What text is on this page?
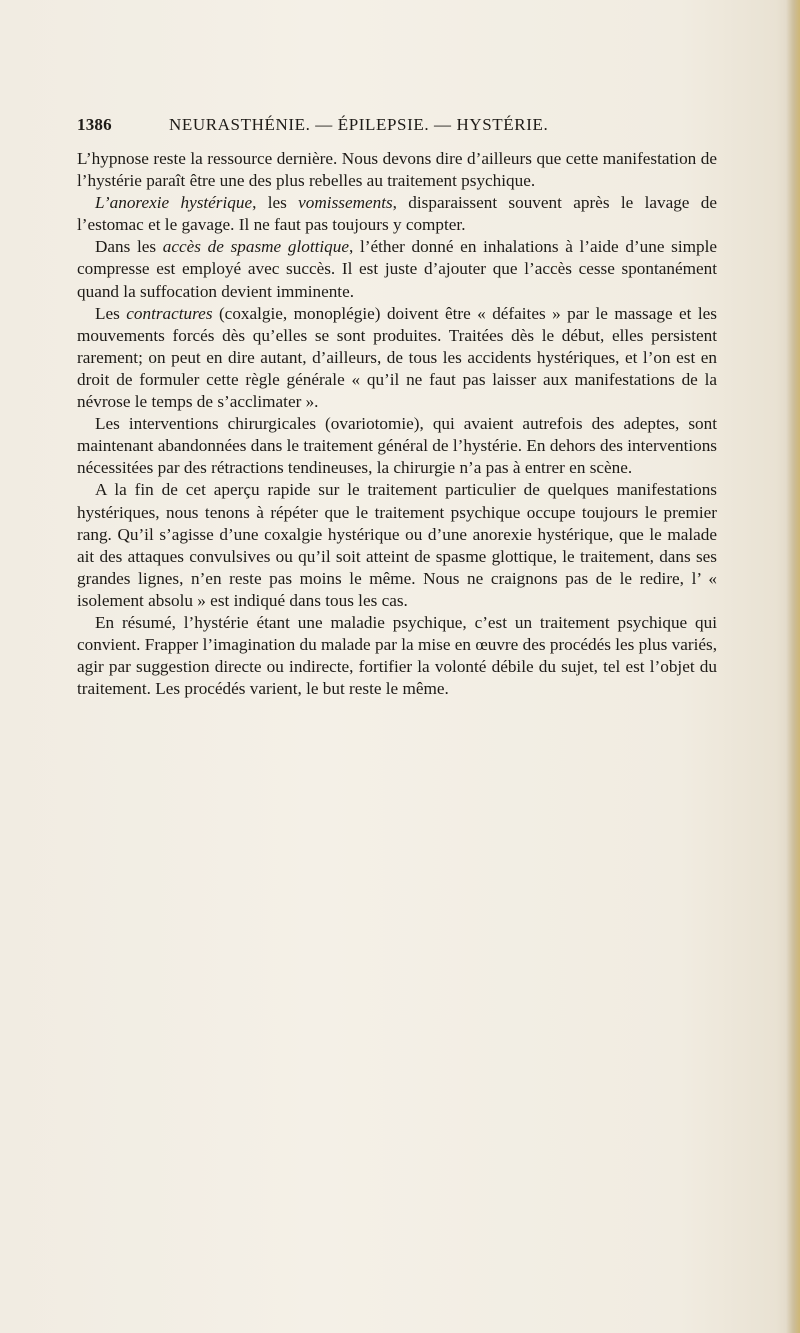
1386	NEURASTHÉNIE. — ÉPILEPSIE. — HYSTÉRIE.

L’hypnose reste la ressource dernière. Nous devons dire d’ailleurs que cette manifestation de l’hystérie paraît être une des plus rebelles au traitement psychique.

L’anorexie hystérique, les vomissements, disparaissent souvent après le lavage de l’estomac et le gavage. Il ne faut pas toujours y compter.

Dans les accès de spasme glottique, l’éther donné en inhalations à l’aide d’une simple compresse est employé avec succès. Il est juste d’ajouter que l’accès cesse spontanément quand la suffocation devient imminente.

Les contractures (coxalgie, monoplégie) doivent être « défaites » par le massage et les mouvements forcés dès qu’elles se sont produites. Traitées dès le début, elles persistent rarement; on peut en dire autant, d’ailleurs, de tous les accidents hystériques, et l’on est en droit de formuler cette règle générale « qu’il ne faut pas laisser aux manifestations de la névrose le temps de s’acclimater ».

Les interventions chirurgicales (ovariotomie), qui avaient autrefois des adeptes, sont maintenant abandonnées dans le traitement général de l’hystérie. En dehors des interventions nécessitées par des rétractions tendineuses, la chirurgie n’a pas à entrer en scène.

A la fin de cet aperçu rapide sur le traitement particulier de quelques manifestations hystériques, nous tenons à répéter que le traitement psychique occupe toujours le premier rang. Qu’il s’agisse d’une coxalgie hystérique ou d’une anorexie hystérique, que le malade ait des attaques convulsives ou qu’il soit atteint de spasme glottique, le traitement, dans ses grandes lignes, n’en reste pas moins le même. Nous ne craignons pas de le redire, l’ « isolement absolu » est indiqué dans tous les cas.

En résumé, l’hystérie étant une maladie psychique, c’est un traitement psychique qui convient. Frapper l’imagination du malade par la mise en œuvre des procédés les plus variés, agir par suggestion directe ou indirecte, fortifier la volonté débile du sujet, tel est l’objet du traitement. Les procédés varient, le but reste le même.
